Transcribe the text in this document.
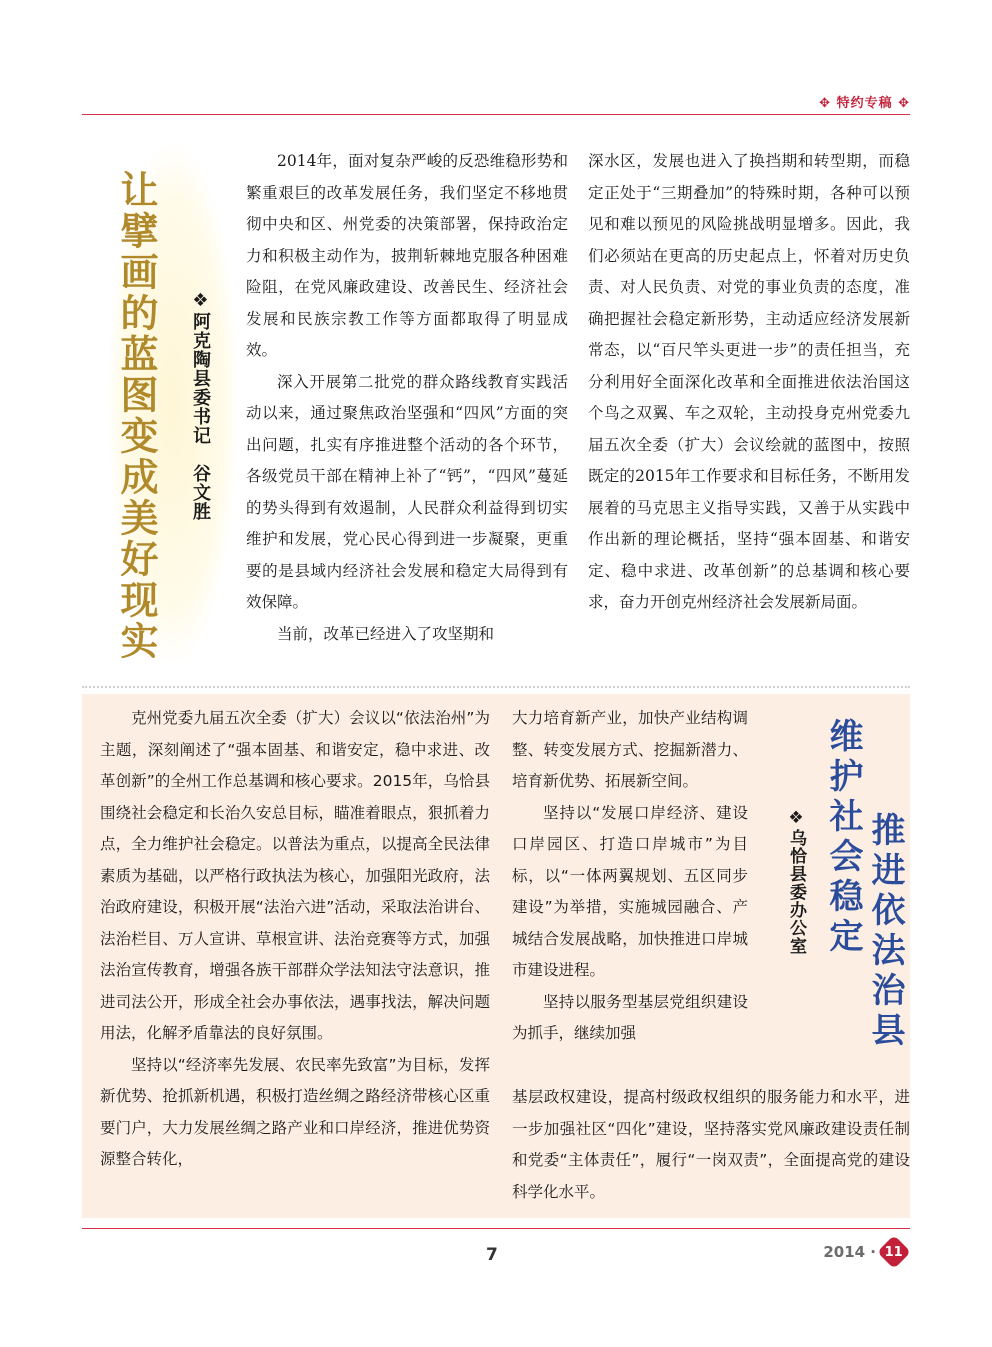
✥ 特约专稿 ✥
让擘画的蓝图变成美好现实 ❖阿克陶县委书记　谷文胜

2014年，面对复杂严峻的反恐维稳形势和繁重艰巨的改革发展任务，我们坚定不移地贯彻中央和区、州党委的决策部署，保持政治定力和积极主动作为，披荆斩棘地克服各种困难险阻，在党风廉政建设、改善民生、经济社会发展和民族宗教工作等方面都取得了明显成效。

深入开展第二批党的群众路线教育实践活动以来，通过聚焦政治坚强和“四风”方面的突出问题，扎实有序推进整个活动的各个环节，各级党员干部在精神上补了“钙”，“四风”蔓延的势头得到有效遏制，人民群众利益得到切实维护和发展，党心民心得到进一步凝聚，更重要的是县域内经济社会发展和稳定大局得到有效保障。

当前，改革已经进入了攻坚期和

深水区，发展也进入了换挡期和转型期，而稳定正处于“三期叠加”的特殊时期，各种可以预见和难以预见的风险挑战明显增多。因此，我们必须站在更高的历史起点上，怀着对历史负责、对人民负责、对党的事业负责的态度，准确把握社会稳定新形势，主动适应经济发展新常态，以“百尺竿头更进一步”的责任担当，充分利用好全面深化改革和全面推进依法治国这个鸟之双翼、车之双轮，主动投身克州党委九届五次全委（扩大）会议绘就的蓝图中，按照既定的2015年工作要求和目标任务，不断用发展着的马克思主义指导实践，又善于从实践中作出新的理论概括，坚持“强本固基、和谐安定、稳中求进、改革创新”的总基调和核心要求，奋力开创克州经济社会发展新局面。

克州党委九届五次全委（扩大）会议以“依法治州”为主题，深刻阐述了“强本固基、和谐安定，稳中求进、改革创新”的全州工作总基调和核心要求。2015年，乌恰县围绕社会稳定和长治久安总目标，瞄准着眼点，狠抓着力点，全力维护社会稳定。以普法为重点，以提高全民法律素质为基础，以严格行政执法为核心，加强阳光政府，法治政府建设，积极开展“法治六进”活动，采取法治讲台、法治栏目、万人宣讲、草根宣讲、法治竞赛等方式，加强法治宣传教育，增强各族干部群众学法知法守法意识，推进司法公开，形成全社会办事依法，遇事找法，解决问题用法，化解矛盾靠法的良好氛围。

坚持以“经济率先发展、农民率先致富”为目标，发挥新优势、抢抓新机遇，积极打造丝绸之路经济带核心区重要门户，大力发展丝绸之路产业和口岸经济，推进优势资源整合转化，

大力培育新产业，加快产业结构调整、转变发展方式、挖掘新潜力、培育新优势、拓展新空间。

坚持以“发展口岸经济、建设口岸园区、打造口岸城市”为目标，以“一体两翼规划、五区同步建设”为举措，实施城园融合、产城结合发展战略，加快推进口岸城市建设进程。

坚持以服务型基层党组织建设为抓手，继续加强

基层政权建设，提高村级政权组织的服务能力和水平，进一步加强社区“四化”建设，坚持落实党风廉政建设责任制和党委“主体责任”，履行“一岗双责”，全面提高党的建设科学化水平。

❖乌恰县委办公室 维护社会稳定 推进依法治县
7	2014 · 11
